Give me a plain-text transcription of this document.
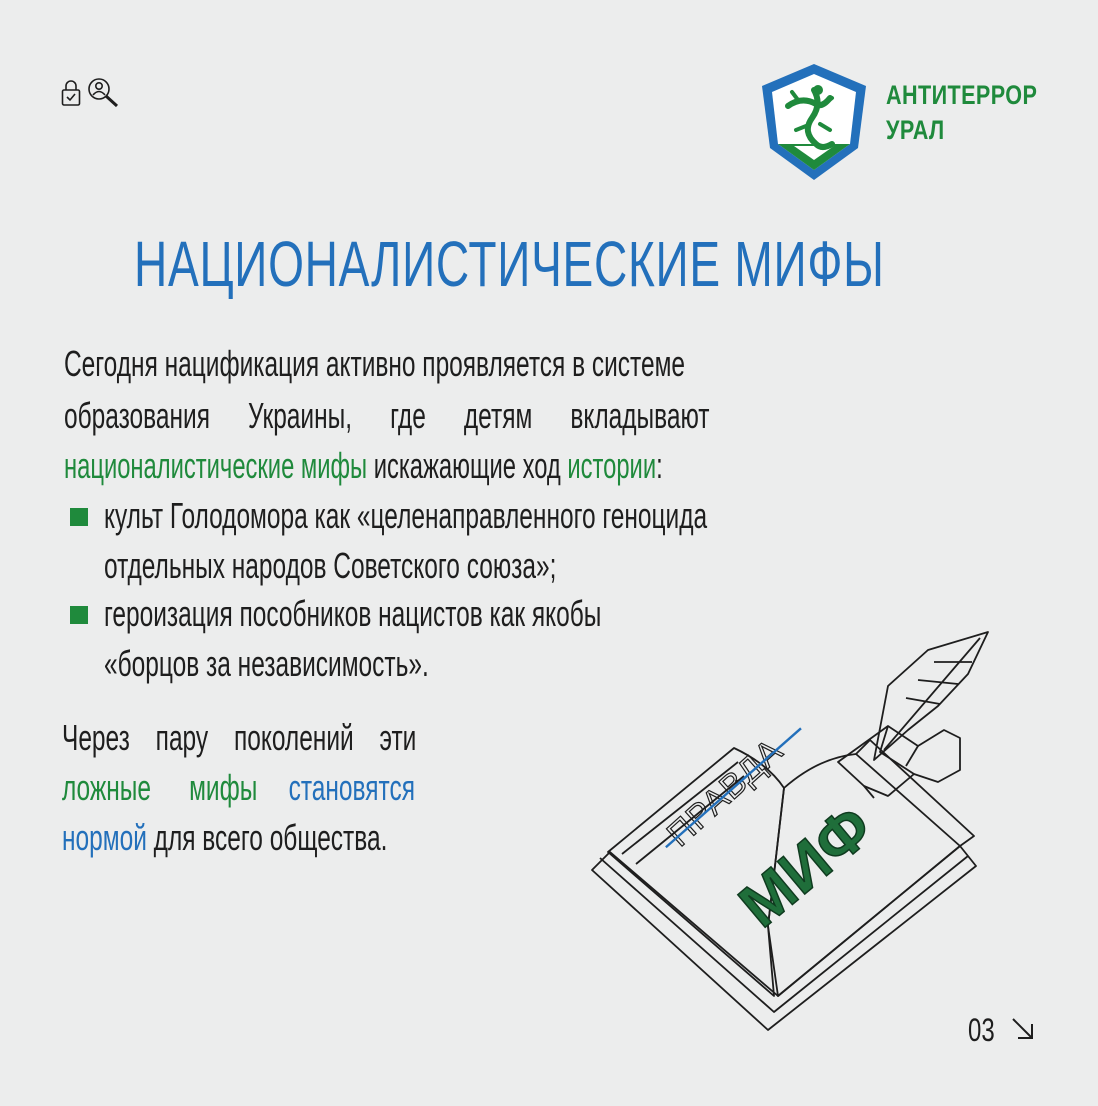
АНТИТЕРРОР
УРАЛ
НАЦИОНАЛИСТИЧЕСКИЕ МИФЫ
Сегодня нацификация активно проявляется в системе
образования Украины, где детям вкладывают
националистические мифы искажающие ход истории:
культ Голодомора как «целенаправленного геноцида
отдельных народов Советского союза»;
героизация пособников нацистов как якобы
«борцов за независимость».
Через пару поколений эти
ложные мифы становятся
нормой для всего общества.	ПРАВДА
МИФ
03
